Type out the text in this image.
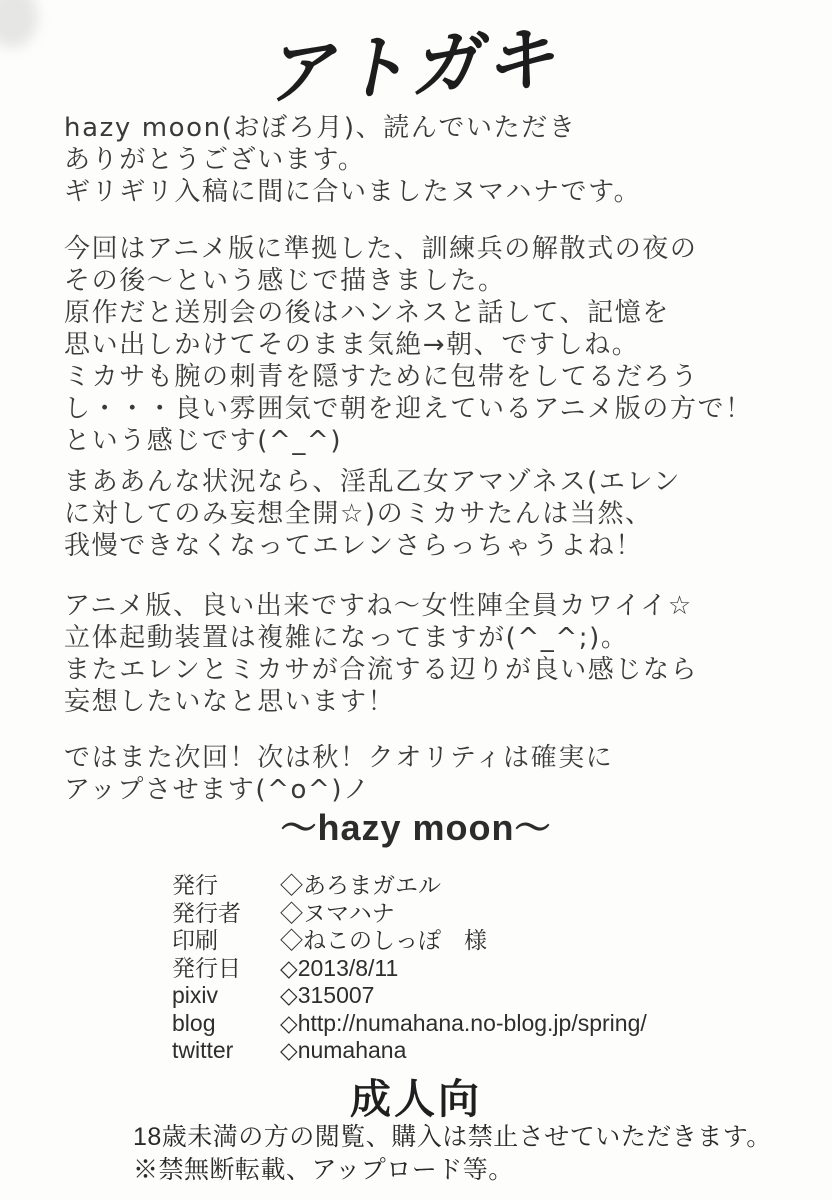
アトガキ
hazy moon(おぼろ月)、読んでいただき
ありがとうございます。
ギリギリ入稿に間に合いましたヌマハナです。
今回はアニメ版に準拠した、訓練兵の解散式の夜の
その後〜という感じで描きました。
原作だと送別会の後はハンネスと話して、記憶を
思い出しかけてそのまま気絶→朝、ですしね。
ミカサも腕の刺青を隠すために包帯をしてるだろう
し・・・良い雰囲気で朝を迎えているアニメ版の方で！
という感じです(^_^)
まああんな状況なら、淫乱乙女アマゾネス(エレン
に対してのみ妄想全開☆)のミカサたんは当然、
我慢できなくなってエレンさらっちゃうよね！
アニメ版、良い出来ですね〜女性陣全員カワイイ☆
立体起動装置は複雑になってますが(^_^;)。
またエレンとミカサが合流する辺りが良い感じなら
妄想したいなと思います！
ではまた次回！次は秋！クオリティは確実に
アップさせます(^o^)ノ
〜hazy moon〜
発行	◇あろまガエル
発行者	◇ヌマハナ
印刷	◇ねこのしっぽ　様
発行日	◇2013/8/11
pixiv	◇315007
blog	◇http://numahana.no-blog.jp/spring/
twitter	◇numahana
成人向
18歳未満の方の閲覧、購入は禁止させていただきます。
※禁無断転載、アップロード等。
